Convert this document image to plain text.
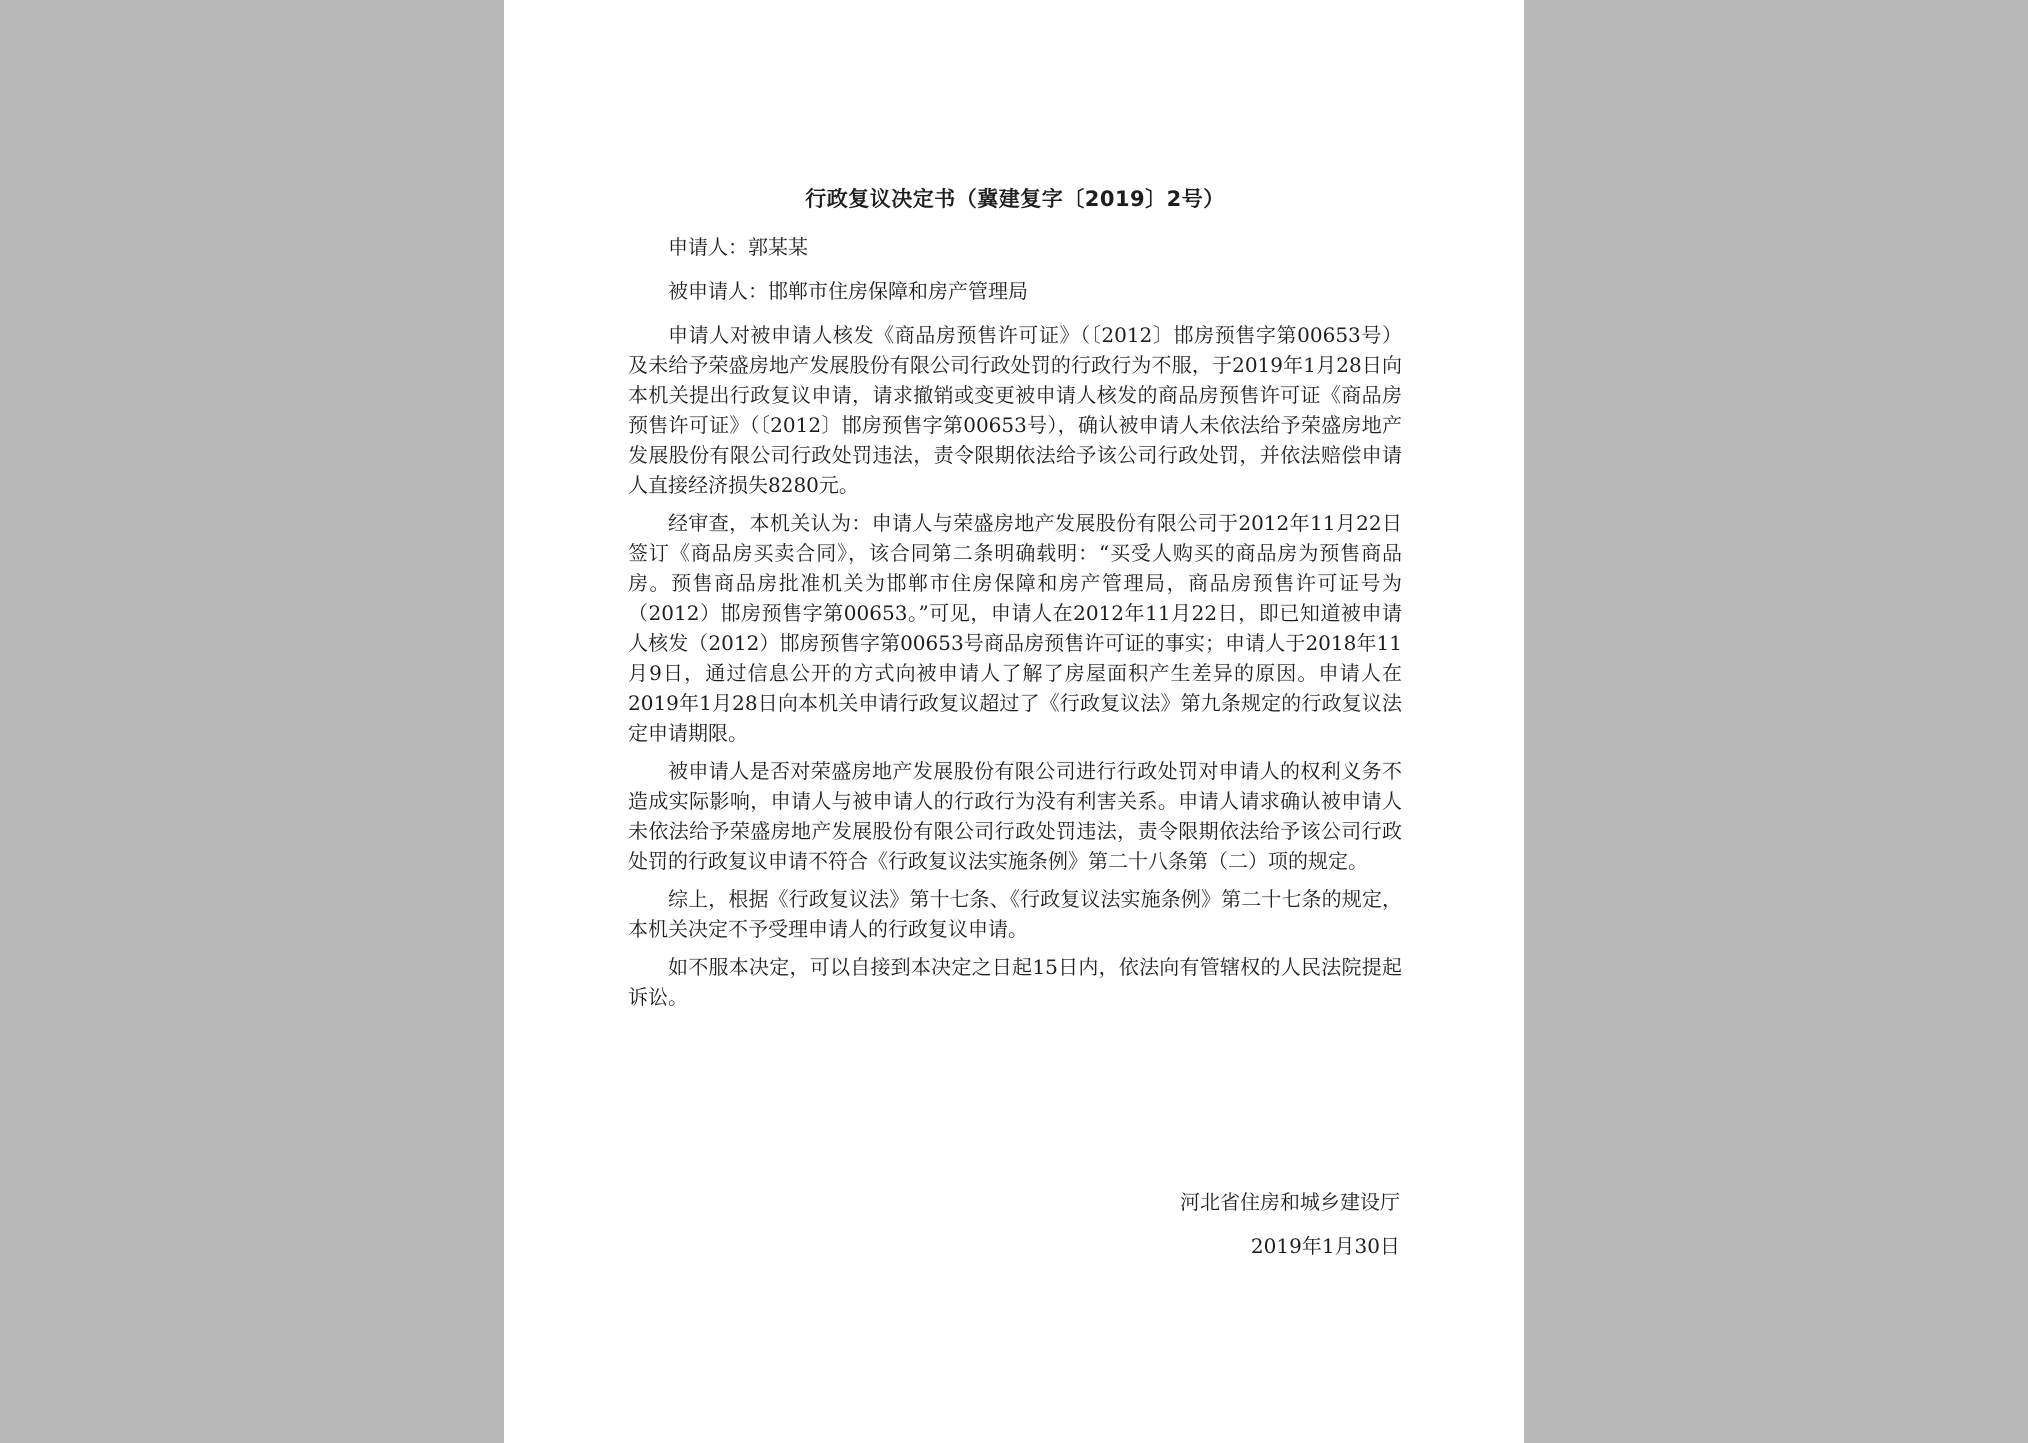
行政复议决定书（冀建复字〔2019〕2号）

申请人：郭某某

被申请人：邯郸市住房保障和房产管理局

申请人对被申请人核发《商品房预售许可证》（〔2012〕邯房预售字第00653号）及未给予荣盛房地产发展股份有限公司行政处罚的行政行为不服，于2019年1月28日向本机关提出行政复议申请，请求撤销或变更被申请人核发的商品房预售许可证《商品房预售许可证》（〔2012〕邯房预售字第00653号），确认被申请人未依法给予荣盛房地产发展股份有限公司行政处罚违法，责令限期依法给予该公司行政处罚，并依法赔偿申请人直接经济损失8280元。

经审查，本机关认为：申请人与荣盛房地产发展股份有限公司于2012年11月22日签订《商品房买卖合同》，该合同第二条明确载明：“买受人购买的商品房为预售商品房。预售商品房批准机关为邯郸市住房保障和房产管理局，商品房预售许可证号为（2012）邯房预售字第00653。”可见，申请人在2012年11月22日，即已知道被申请人核发（2012）邯房预售字第00653号商品房预售许可证的事实；申请人于2018年11月9日，通过信息公开的方式向被申请人了解了房屋面积产生差异的原因。申请人在2019年1月28日向本机关申请行政复议超过了《行政复议法》第九条规定的行政复议法定申请期限。

被申请人是否对荣盛房地产发展股份有限公司进行行政处罚对申请人的权利义务不造成实际影响，申请人与被申请人的行政行为没有利害关系。申请人请求确认被申请人未依法给予荣盛房地产发展股份有限公司行政处罚违法，责令限期依法给予该公司行政处罚的行政复议申请不符合《行政复议法实施条例》第二十八条第（二）项的规定。

综上，根据《行政复议法》第十七条、《行政复议法实施条例》第二十七条的规定，本机关决定不予受理申请人的行政复议申请。

如不服本决定，可以自接到本决定之日起15日内，依法向有管辖权的人民法院提起诉讼。

河北省住房和城乡建设厅
2019年1月30日
